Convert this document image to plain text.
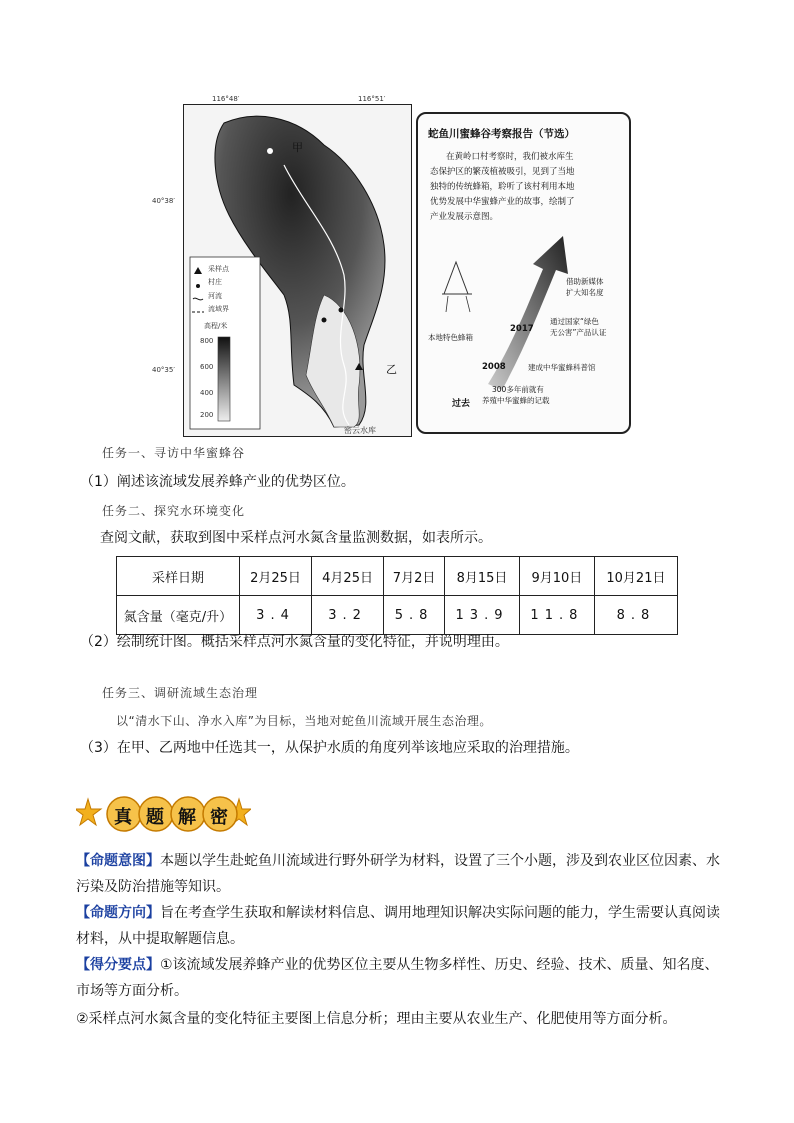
116°48′	116°51′
40°38′
40°35′
采样点
村庄
河流
流域界
高程/米
800
600
400
200
甲
乙
密云水库
蛇鱼川蜜蜂谷考察报告（节选）
在黄岭口村考察时，我们被水库生
态保护区的繁茂植被吸引，见到了当地
独特的传统蜂箱，聆听了该村利用本地
优势发展中华蜜蜂产业的故事，绘制了
产业发展示意图。
本地特色蜂箱
借助新媒体
扩大知名度
2017
通过国家“绿色
无公害”产品认证
2008	建成中华蜜蜂科普馆
过去
300多年前就有
养殖中华蜜蜂的记载
任务一、寻访中华蜜蜂谷
（1）阐述该流域发展养蜂产业的优势区位。
任务二、探究水环境变化
查阅文献，获取到图中采样点河水氮含量监测数据，如表所示。
采样日期	2月25日	4月25日	7月2日	8月15日	9月10日	10月21日
氮含量（毫克/升）	3.4	3.2	5.8	13.9	11.8	8.8
（2）绘制统计图。概括采样点河水氮含量的变化特征，并说明理由。
任务三、调研流域生态治理
以“清水下山、净水入库”为目标，当地对蛇鱼川流域开展生态治理。
（3）在甲、乙两地中任选其一，从保护水质的角度列举该地应采取的治理措施。
真 题 解 密
【命题意图】本题以学生赴蛇鱼川流域进行野外研学为材料，设置了三个小题，涉及到农业区位因素、水
污染及防治措施等知识。
【命题方向】旨在考查学生获取和解读材料信息、调用地理知识解决实际问题的能力，学生需要认真阅读
材料，从中提取解题信息。
【得分要点】①该流域发展养蜂产业的优势区位主要从生物多样性、历史、经验、技术、质量、知名度、
市场等方面分析。
②采样点河水氮含量的变化特征主要图上信息分析；理由主要从农业生产、化肥使用等方面分析。
